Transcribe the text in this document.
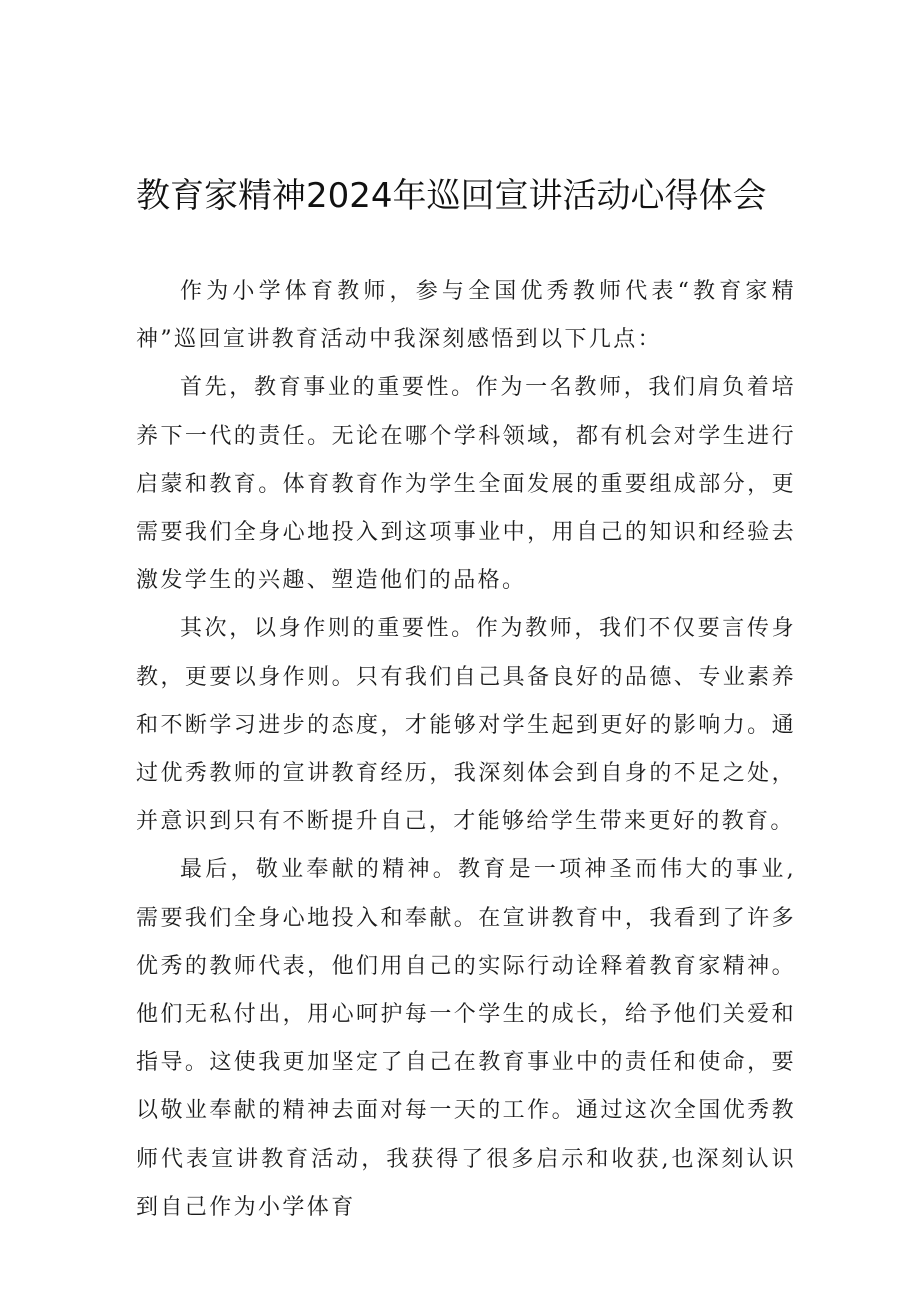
教育家精神2024年巡回宣讲活动心得体会

作为小学体育教师，参与全国优秀教师代表“教育家精神”巡回宣讲教育活动中我深刻感悟到以下几点：

首先，教育事业的重要性。作为一名教师，我们肩负着培养下一代的责任。无论在哪个学科领域，都有机会对学生进行启蒙和教育。体育教育作为学生全面发展的重要组成部分，更需要我们全身心地投入到这项事业中，用自己的知识和经验去激发学生的兴趣、塑造他们的品格。

其次，以身作则的重要性。作为教师，我们不仅要言传身教，更要以身作则。只有我们自己具备良好的品德、专业素养和不断学习进步的态度，才能够对学生起到更好的影响力。通过优秀教师的宣讲教育经历，我深刻体会到自身的不足之处，并意识到只有不断提升自己，才能够给学生带来更好的教育。

最后，敬业奉献的精神。教育是一项神圣而伟大的事业,需要我们全身心地投入和奉献。在宣讲教育中，我看到了许多优秀的教师代表，他们用自己的实际行动诠释着教育家精神。他们无私付出，用心呵护每一个学生的成长，给予他们关爱和指导。这使我更加坚定了自己在教育事业中的责任和使命，要以敬业奉献的精神去面对每一天的工作。通过这次全国优秀教师代表宣讲教育活动，我获得了很多启示和收获,也深刻认识到自己作为小学体育
